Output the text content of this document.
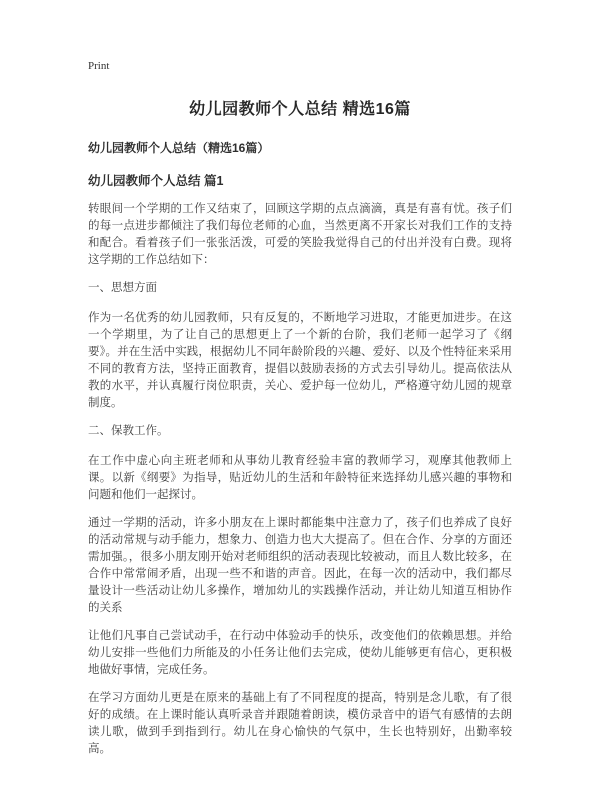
Print
幼儿园教师个人总结 精选16篇
幼儿园教师个人总结（精选16篇）
幼儿园教师个人总结 篇1

转眼间一个学期的工作又结束了，回顾这学期的点点滴滴，真是有喜有忧。孩子们的每一点进步都倾注了我们每位老师的心血，当然更离不开家长对我们工作的支持和配合。看着孩子们一张张活泼，可爱的笑脸我觉得自己的付出并没有白费。现将这学期的工作总结如下：

一、思想方面

作为一名优秀的幼儿园教师，只有反复的，不断地学习进取，才能更加进步。在这一个学期里，为了让自己的思想更上了一个新的台阶，我们老师一起学习了《纲要》。并在生活中实践，根据幼儿不同年龄阶段的兴趣、爱好、以及个性特征来采用不同的教育方法，坚持正面教育，提倡以鼓励表扬的方式去引导幼儿。提高依法从教的水平，并认真履行岗位职责，关心、爱护每一位幼儿，严格遵守幼儿园的规章制度。

二、保教工作。

在工作中虚心向主班老师和从事幼儿教育经验丰富的教师学习，观摩其他教师上课。以新《纲要》为指导，贴近幼儿的生活和年龄特征来选择幼儿感兴趣的事物和问题和他们一起探讨。

通过一学期的活动，许多小朋友在上课时都能集中注意力了，孩子们也养成了良好的活动常规与动手能力，想象力、创造力也大大提高了。但在合作、分享的方面还需加强。，很多小朋友刚开始对老师组织的活动表现比较被动，而且人数比较多，在合作中常常闹矛盾，出现一些不和谐的声音。因此，在每一次的活动中，我们都尽量设计一些活动让幼儿多操作，增加幼儿的实践操作活动，并让幼儿知道互相协作的关系

让他们凡事自己尝试动手，在行动中体验动手的快乐，改变他们的依赖思想。并给幼儿安排一些他们力所能及的小任务让他们去完成，使幼儿能够更有信心，更积极地做好事情，完成任务。

在学习方面幼儿更是在原来的基础上有了不同程度的提高，特别是念儿歌，有了很好的成绩。在上课时能认真听录音并跟随着朗读，模仿录音中的语气有感情的去朗读儿歌，做到手到指到行。幼儿在身心愉快的气氛中，生长也特别好，出勤率较高。
